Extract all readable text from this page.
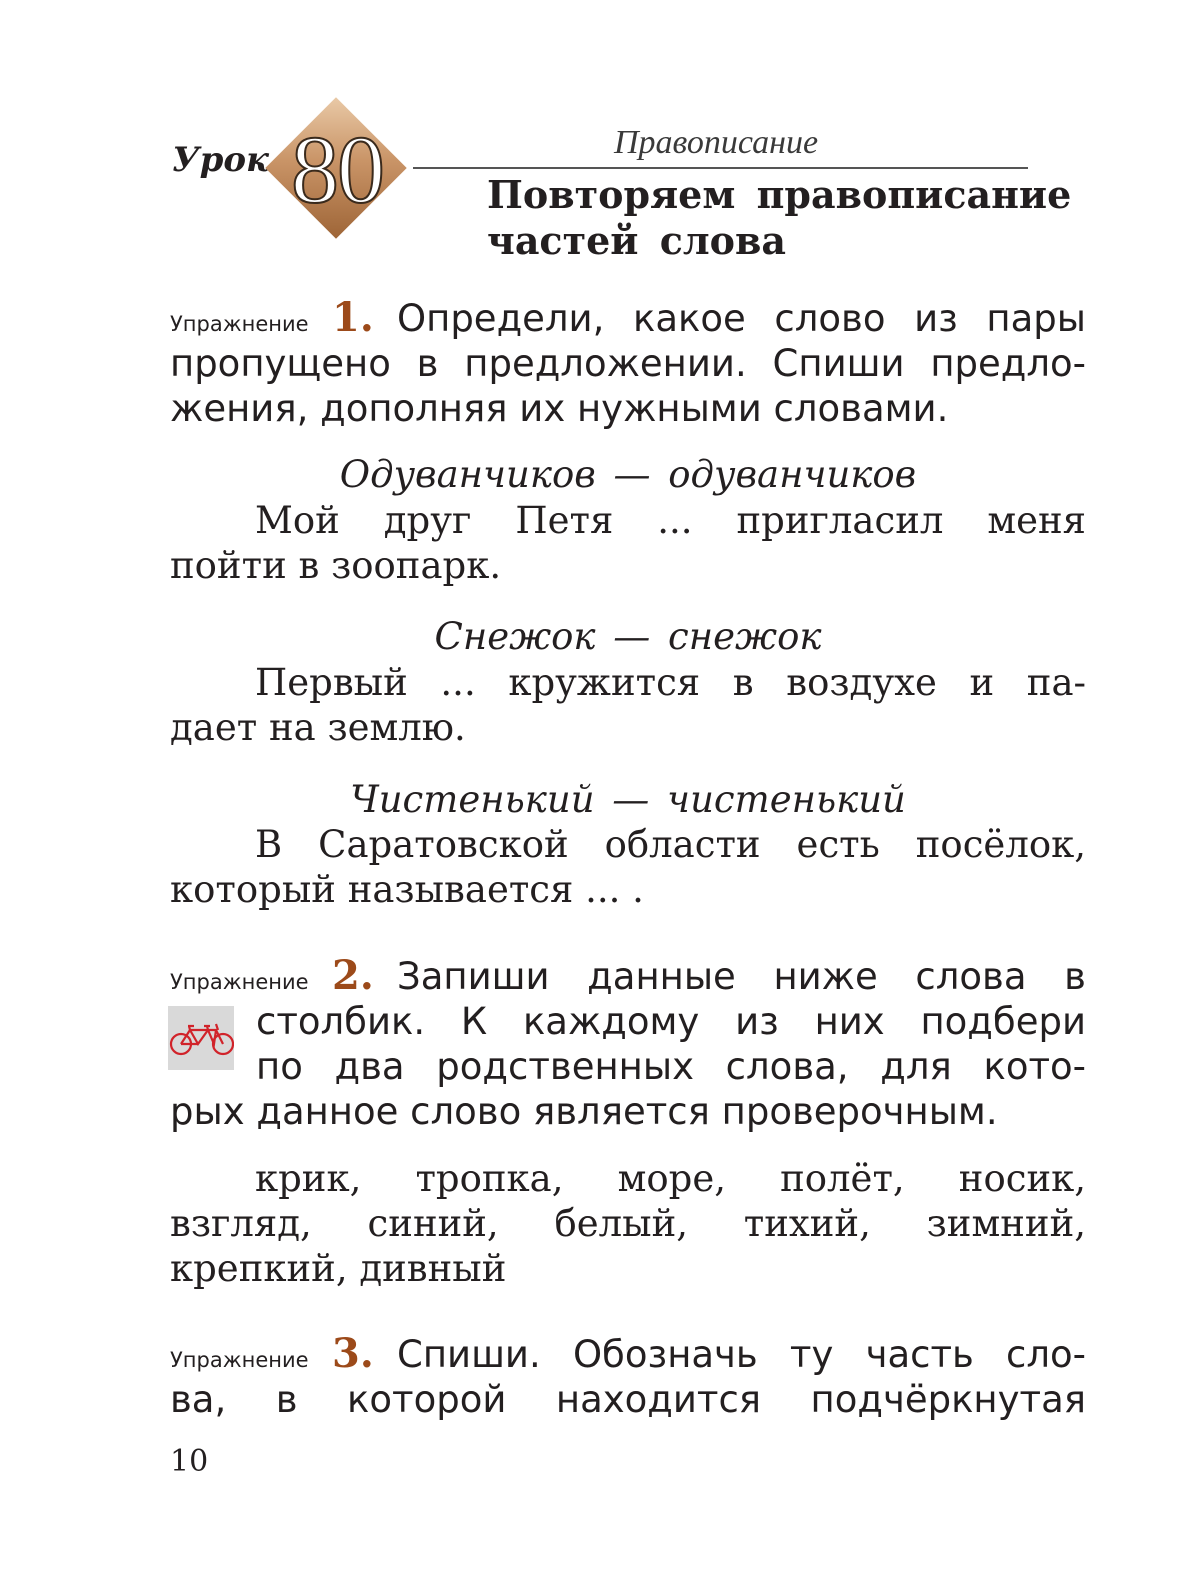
Урок 80	Правописание
Повторяем правописание
частей слова
Упражнение 1. Определи, какое слово из пары
пропущено в предложении. Спиши предло-
жения, дополняя их нужными словами.
Одуванчиков — одуванчиков
Мой друг Петя ... пригласил меня
пойти в зоопарк.
Снежок — снежок
Первый ... кружится в воздухе и па-
дает на землю.
Чистенький — чистенький
В Саратовской области есть посёлок,
который называется ... .
Упражнение 2. Запиши данные ниже слова в
столбик. К каждому из них подбери
по два родственных слова, для кото-
рых данное слово является проверочным.
крик, тропка, море, полёт, носик,
взгляд, синий, белый, тихий, зимний,
крепкий, дивный
Упражнение 3. Спиши. Обозначь ту часть сло-
ва, в которой находится подчёркнутая
10
